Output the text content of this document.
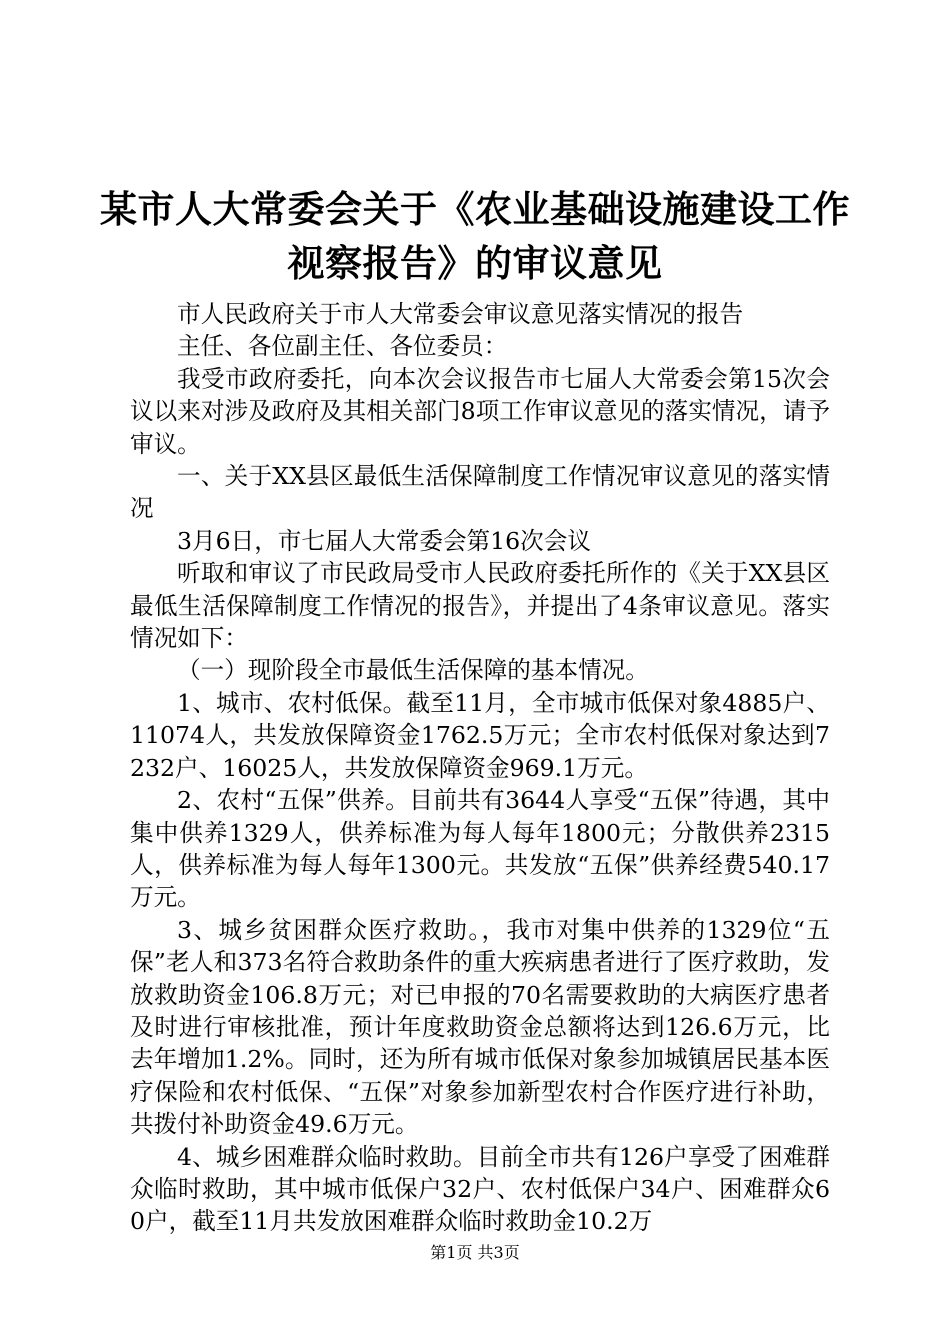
某市人大常委会关于《农业基础设施建设工作
视察报告》的审议意见

市人民政府关于市人大常委会审议意见落实情况的报告

主任、各位副主任、各位委员：

我受市政府委托，向本次会议报告市七届人大常委会第15次会议以来对涉及政府及其相关部门8项工作审议意见的落实情况，请予审议。

一、关于XX县区最低生活保障制度工作情况审议意见的落实情况

3月6日，市七届人大常委会第16次会议

听取和审议了市民政局受市人民政府委托所作的《关于XX县区最低生活保障制度工作情况的报告》，并提出了4条审议意见。落实情况如下：

（一）现阶段全市最低生活保障的基本情况。

1、城市、农村低保。截至11月，全市城市低保对象4885户、11074人，共发放保障资金1762.5万元；全市农村低保对象达到7232户、16025人，共发放保障资金969.1万元。

2、农村“五保”供养。目前共有3644人享受“五保”待遇，其中集中供养1329人，供养标准为每人每年1800元；分散供养2315人，供养标准为每人每年1300元。共发放“五保”供养经费540.17万元。

3、城乡贫困群众医疗救助。，我市对集中供养的1329位“五保”老人和373名符合救助条件的重大疾病患者进行了医疗救助，发放救助资金106.8万元；对已申报的70名需要救助的大病医疗患者及时进行审核批准，预计年度救助资金总额将达到126.6万元，比去年增加1.2%。同时，还为所有城市低保对象参加城镇居民基本医疗保险和农村低保、“五保”对象参加新型农村合作医疗进行补助，共拨付补助资金49.6万元。

4、城乡困难群众临时救助。目前全市共有126户享受了困难群众临时救助，其中城市低保户32户、农村低保户34户、困难群众60户，截至11月共发放困难群众临时救助金10.2万

第1页 共3页
